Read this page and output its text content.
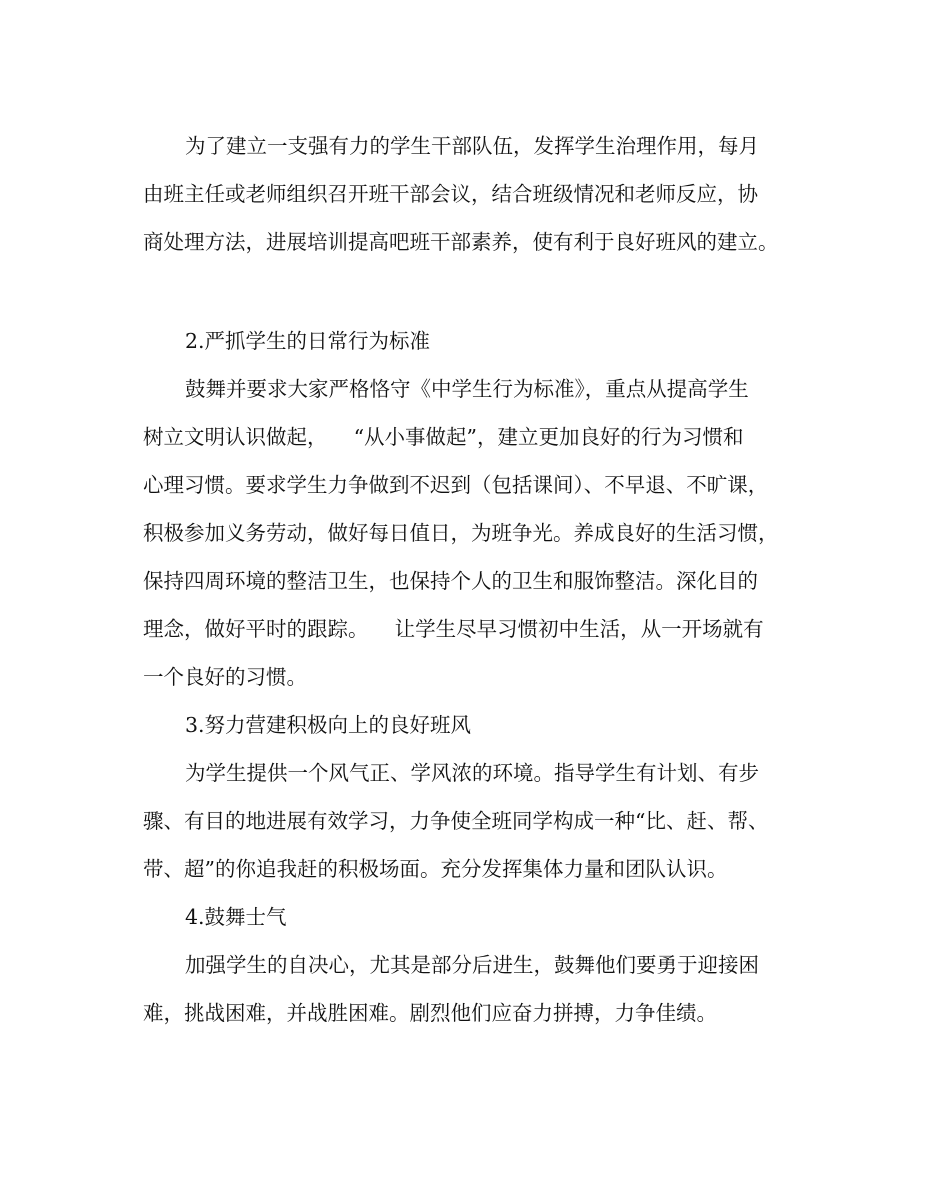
为了建立一支强有力的学生干部队伍，发挥学生治理作用，每月

由班主任或老师组织召开班干部会议，结合班级情况和老师反应，协

商处理方法，进展培训提高吧班干部素养，使有利于良好班风的建立。

2.严抓学生的日常行为标准

鼓舞并要求大家严格恪守《中学生行为标准》，重点从提高学生

树立文明认识做起，    “从小事做起”，建立更加良好的行为习惯和

心理习惯。要求学生力争做到不迟到（包括课间）、不早退、不旷课，

积极参加义务劳动，做好每日值日，为班争光。养成良好的生活习惯，

保持四周环境的整洁卫生，也保持个人的卫生和服饰整洁。深化目的

理念，做好平时的跟踪。    让学生尽早习惯初中生活，从一开场就有

一个良好的习惯。

3.努力营建积极向上的良好班风

为学生提供一个风气正、学风浓的环境。指导学生有计划、有步

骤、有目的地进展有效学习，力争使全班同学构成一种“比、赶、帮、

带、超”的你追我赶的积极场面。充分发挥集体力量和团队认识。

4.鼓舞士气

加强学生的自决心，尤其是部分后进生，鼓舞他们要勇于迎接困

难，挑战困难，并战胜困难。剧烈他们应奋力拼搏，力争佳绩。
